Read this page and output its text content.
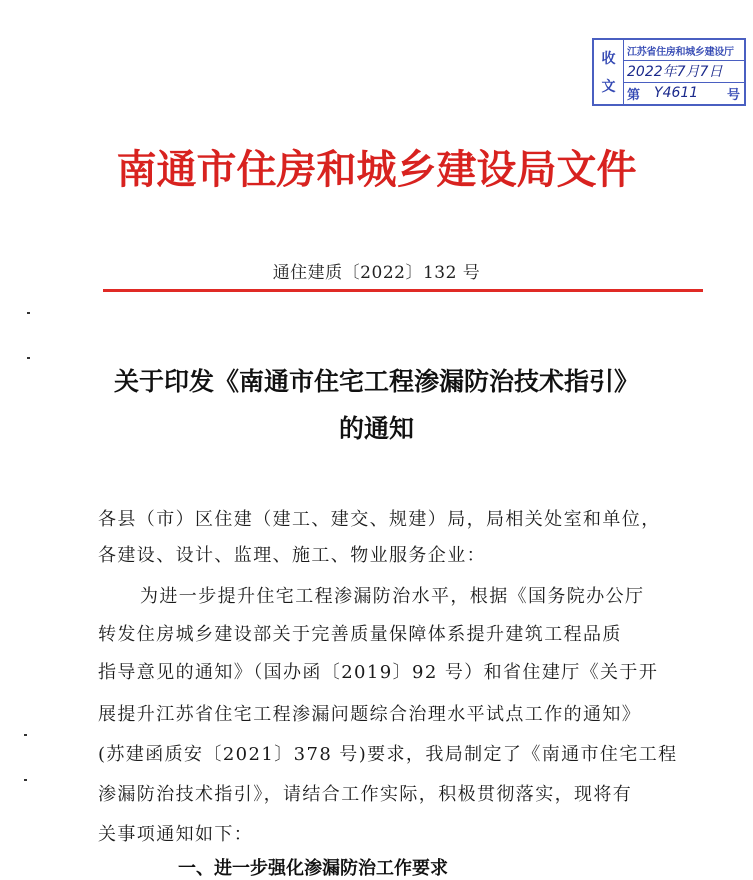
收
文
江苏省住房和城乡建设厅
2022年7月7日
第 Y4611 号
南通市住房和城乡建设局文件
通住建质〔2022〕132 号
关于印发《南通市住宅工程渗漏防治技术指引》
的通知
各县（市）区住建（建工、建交、规建）局，局相关处室和单位，
各建设、设计、监理、施工、物业服务企业：
为进一步提升住宅工程渗漏防治水平，根据《国务院办公厅
转发住房城乡建设部关于完善质量保障体系提升建筑工程品质
指导意见的通知》（国办函〔2019〕92 号）和省住建厅《关于开
展提升江苏省住宅工程渗漏问题综合治理水平试点工作的通知》
(苏建函质安〔2021〕378 号)要求，我局制定了《南通市住宅工程
渗漏防治技术指引》，请结合工作实际，积极贯彻落实，现将有
关事项通知如下：
一、进一步强化渗漏防治工作要求
